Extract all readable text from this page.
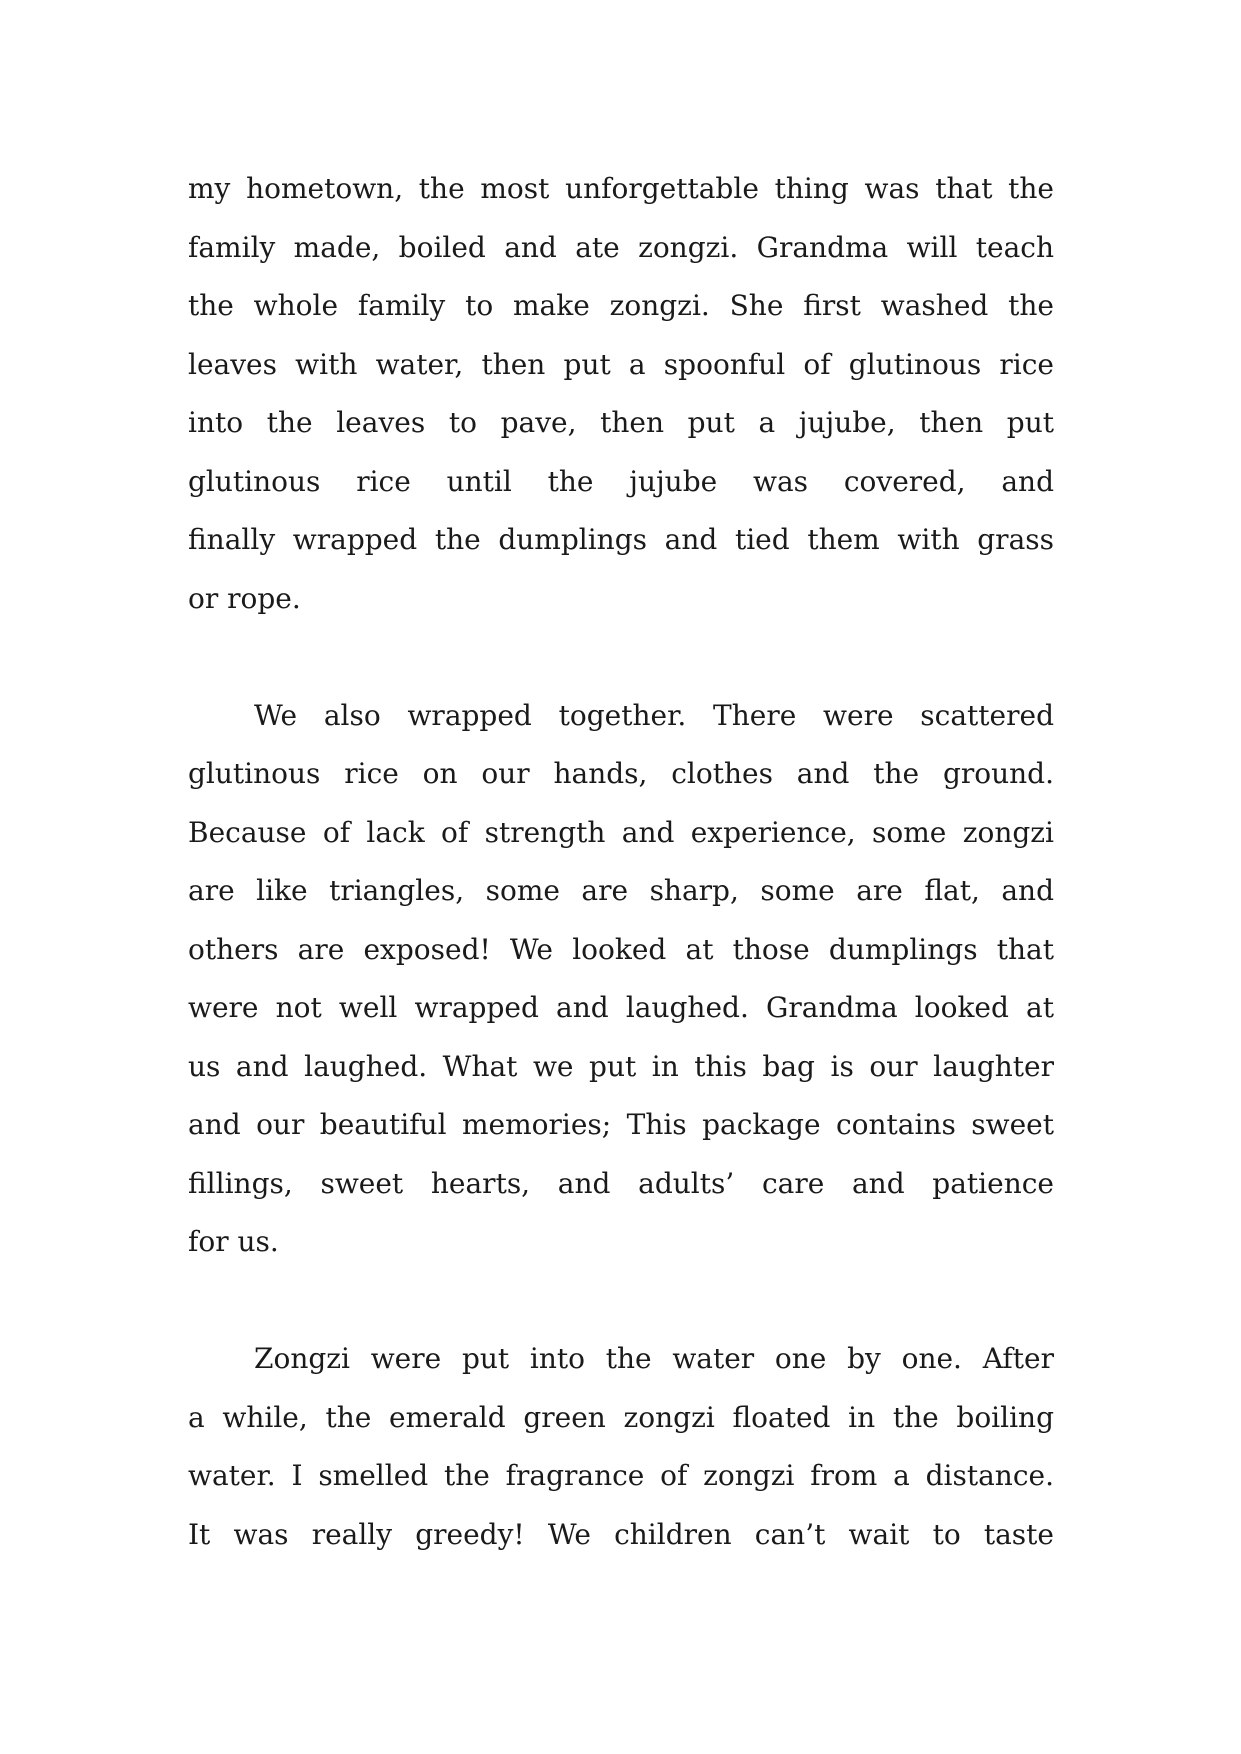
my hometown, the most unforgettable thing was that the
family made, boiled and ate zongzi. Grandma will teach
the whole family to make zongzi. She first washed the
leaves with water, then put a spoonful of glutinous rice
into the leaves to pave, then put a jujube, then put
glutinous rice until the jujube was covered, and
finally wrapped the dumplings and tied them with grass
or rope.
We also wrapped together. There were scattered
glutinous rice on our hands, clothes and the ground.
Because of lack of strength and experience, some zongzi
are like triangles, some are sharp, some are flat, and
others are exposed! We looked at those dumplings that
were not well wrapped and laughed. Grandma looked at
us and laughed. What we put in this bag is our laughter
and our beautiful memories; This package contains sweet
fillings, sweet hearts, and adults’ care and patience
for us.
Zongzi were put into the water one by one. After
a while, the emerald green zongzi floated in the boiling
water. I smelled the fragrance of zongzi from a distance.
It was really greedy! We children can’t wait to taste
